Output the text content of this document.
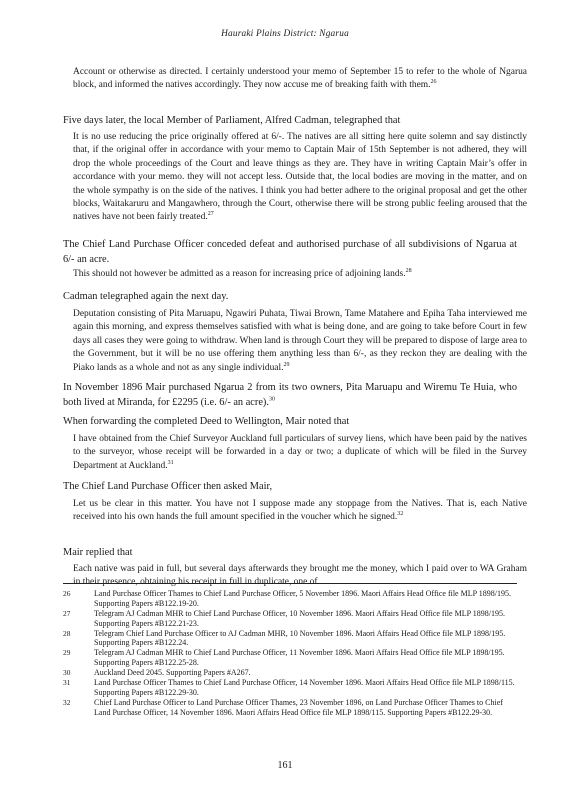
Hauraki Plains District: Ngarua
Account or otherwise as directed. I certainly understood your memo of September 15 to refer to the whole of Ngarua block, and informed the natives accordingly. They now accuse me of breaking faith with them.$^{26}$
Five days later, the local Member of Parliament, Alfred Cadman, telegraphed that
It is no use reducing the price originally offered at 6/-. The natives are all sitting here quite solemn and say distinctly that, if the original offer in accordance with your memo to Captain Mair of 15th September is not adhered, they will drop the whole proceedings of the Court and leave things as they are. They have in writing Captain Mair’s offer in accordance with your memo. they will not accept less. Outside that, the local bodies are moving in the matter, and on the whole sympathy is on the side of the natives. I think you had better adhere to the original proposal and get the other blocks, Waitakaruru and Mangawhero, through the Court, otherwise there will be strong public feeling aroused that the natives have not been fairly treated.$^{27}$
The Chief Land Purchase Officer conceded defeat and authorised purchase of all subdivisions of Ngarua at 6/- an acre.
This should not however be admitted as a reason for increasing price of adjoining lands.$^{28}$
Cadman telegraphed again the next day.
Deputation consisting of Pita Maruapu, Ngawiri Puhata, Tiwai Brown, Tame Matahere and Epiha Taha interviewed me again this morning, and express themselves satisfied with what is being done, and are going to take before Court in few days all cases they were going to withdraw. When land is through Court they will be prepared to dispose of large area to the Government, but it will be no use offering them anything less than 6/-, as they reckon they are dealing with the Piako lands as a whole and not as any single individual.$^{29}$
In November 1896 Mair purchased Ngarua 2 from its two owners, Pita Maruapu and Wiremu Te Huia, who both lived at Miranda, for £2295 (i.e. 6/- an acre).$^{30}$
When forwarding the completed Deed to Wellington, Mair noted that
I have obtained from the Chief Surveyor Auckland full particulars of survey liens, which have been paid by the natives to the surveyor, whose receipt will be forwarded in a day or two; a duplicate of which will be filed in the Survey Department at Auckland.$^{31}$
The Chief Land Purchase Officer then asked Mair,
Let us be clear in this matter. You have not I suppose made any stoppage from the Natives. That is, each Native received into his own hands the full amount specified in the voucher which he signed.$^{32}$
Mair replied that
Each native was paid in full, but several days afterwards they brought me the money, which I paid over to WA Graham in their presence, obtaining his receipt in full in duplicate, one of
26	Land Purchase Officer Thames to Chief Land Purchase Officer, 5 November 1896. Maori Affairs Head Office file MLP 1898/195. Supporting Papers #B122.19-20.
27	Telegram AJ Cadman MHR to Chief Land Purchase Officer, 10 November 1896. Maori Affairs Head Office file MLP 1898/195. Supporting Papers #B122.21-23.
28	Telegram Chief Land Purchase Officer to AJ Cadman MHR, 10 November 1896. Maori Affairs Head Office file MLP 1898/195. Supporting Papers #B122.24.
29	Telegram AJ Cadman MHR to Chief Land Purchase Officer, 11 November 1896. Maori Affairs Head Office file MLP 1898/195. Supporting Papers #B122.25-28.
30	Auckland Deed 2045. Supporting Papers #A267.
31	Land Purchase Officer Thames to Chief Land Purchase Officer, 14 November 1896. Maori Affairs Head Office file MLP 1898/115. Supporting Papers #B122.29-30.
32	Chief Land Purchase Officer to Land Purchase Officer Thames, 23 November 1896, on Land Purchase Officer Thames to Chief Land Purchase Officer, 14 November 1896. Maori Affairs Head Office file MLP 1898/115. Supporting Papers #B122.29-30.
161
